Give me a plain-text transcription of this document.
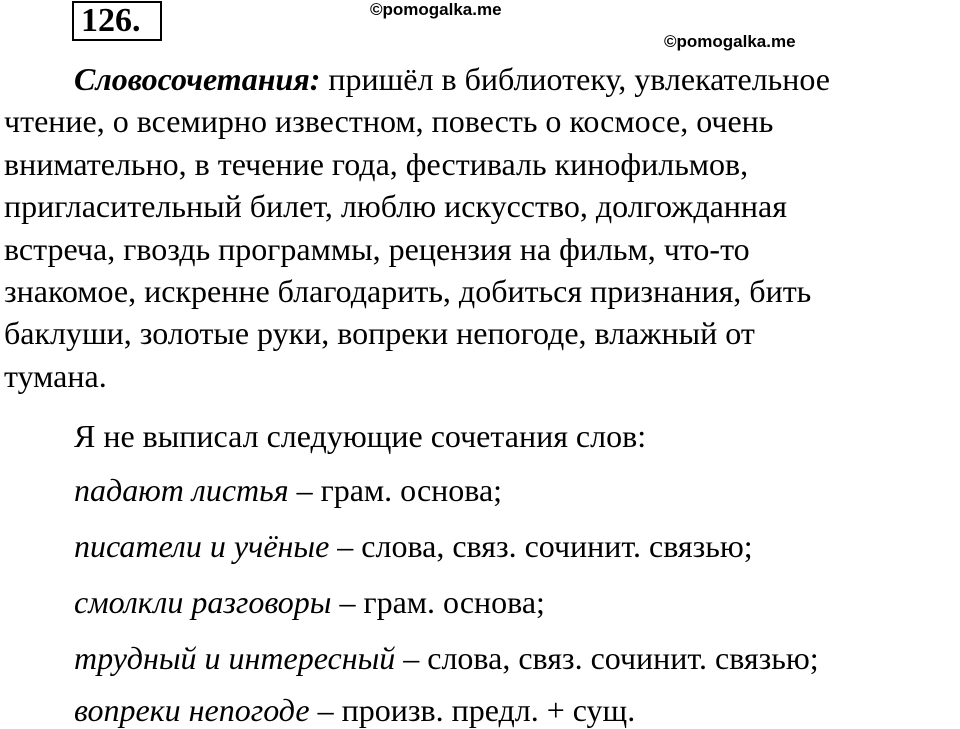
126.	©pomogalka.me
©pomogalka.me
Словосочетания: пришёл в библиотеку, увлекательное
чтение, о всемирно известном, повесть о космосе, очень
внимательно, в течение года, фестиваль кинофильмов,
пригласительный билет, люблю искусство, долгожданная
встреча, гвоздь программы, рецензия на фильм, что-то
знакомое, искренне благодарить, добиться признания, бить
баклуши, золотые руки, вопреки непогоде, влажный от
тумана.
Я не выписал следующие сочетания слов:
падают листья – грам. основа;
писатели и учёные – слова, связ. сочинит. связью;
смолкли разговоры – грам. основа;
трудный и интересный – слова, связ. сочинит. связью;
вопреки непогоде – произв. предл. + сущ.
